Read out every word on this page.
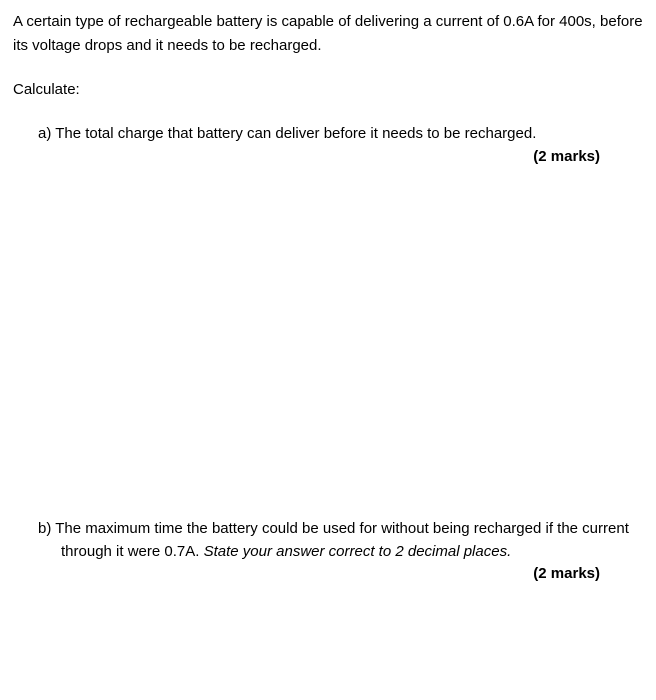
A certain type of rechargeable battery is capable of delivering a current of 0.6A for 400s, before its voltage drops and it needs to be recharged.
Calculate:
a) The total charge that battery can deliver before it needs to be recharged.
(2 marks)
b) The maximum time the battery could be used for without being recharged if the current
through it were 0.7A. State your answer correct to 2 decimal places.
(2 marks)
